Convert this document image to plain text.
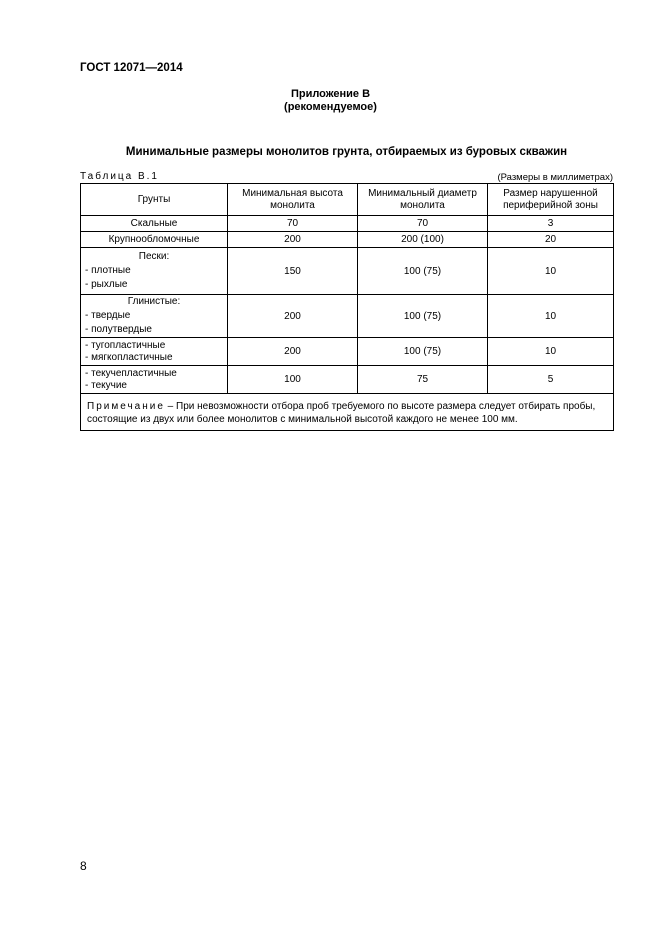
ГОСТ 12071—2014
Приложение В
(рекомендуемое)
Минимальные размеры монолитов грунта, отбираемых из буровых скважин
Таблица В.1	(Размеры в миллиметрах)
Грунты	Минимальная высота монолита	Минимальный диаметр монолита	Размер нарушенной периферийной зоны
Скальные	70	70	3
Крупнообломочные	200	200 (100)	20

Пески:
- плотные
- рыхлые	150	100 (75)	10

Глинистые:
- твердые
- полутвердые	200	100 (75)	10

- тугопластичные
- мягкопластичные	200	100 (75)	10

- текучепластичные
- текучие	100	75	5
Примечание – При невозможности отбора проб требуемого по высоте размера следует отбирать пробы, состоящие из двух или более монолитов с минимальной высотой каждого не менее 100 мм.			
8
